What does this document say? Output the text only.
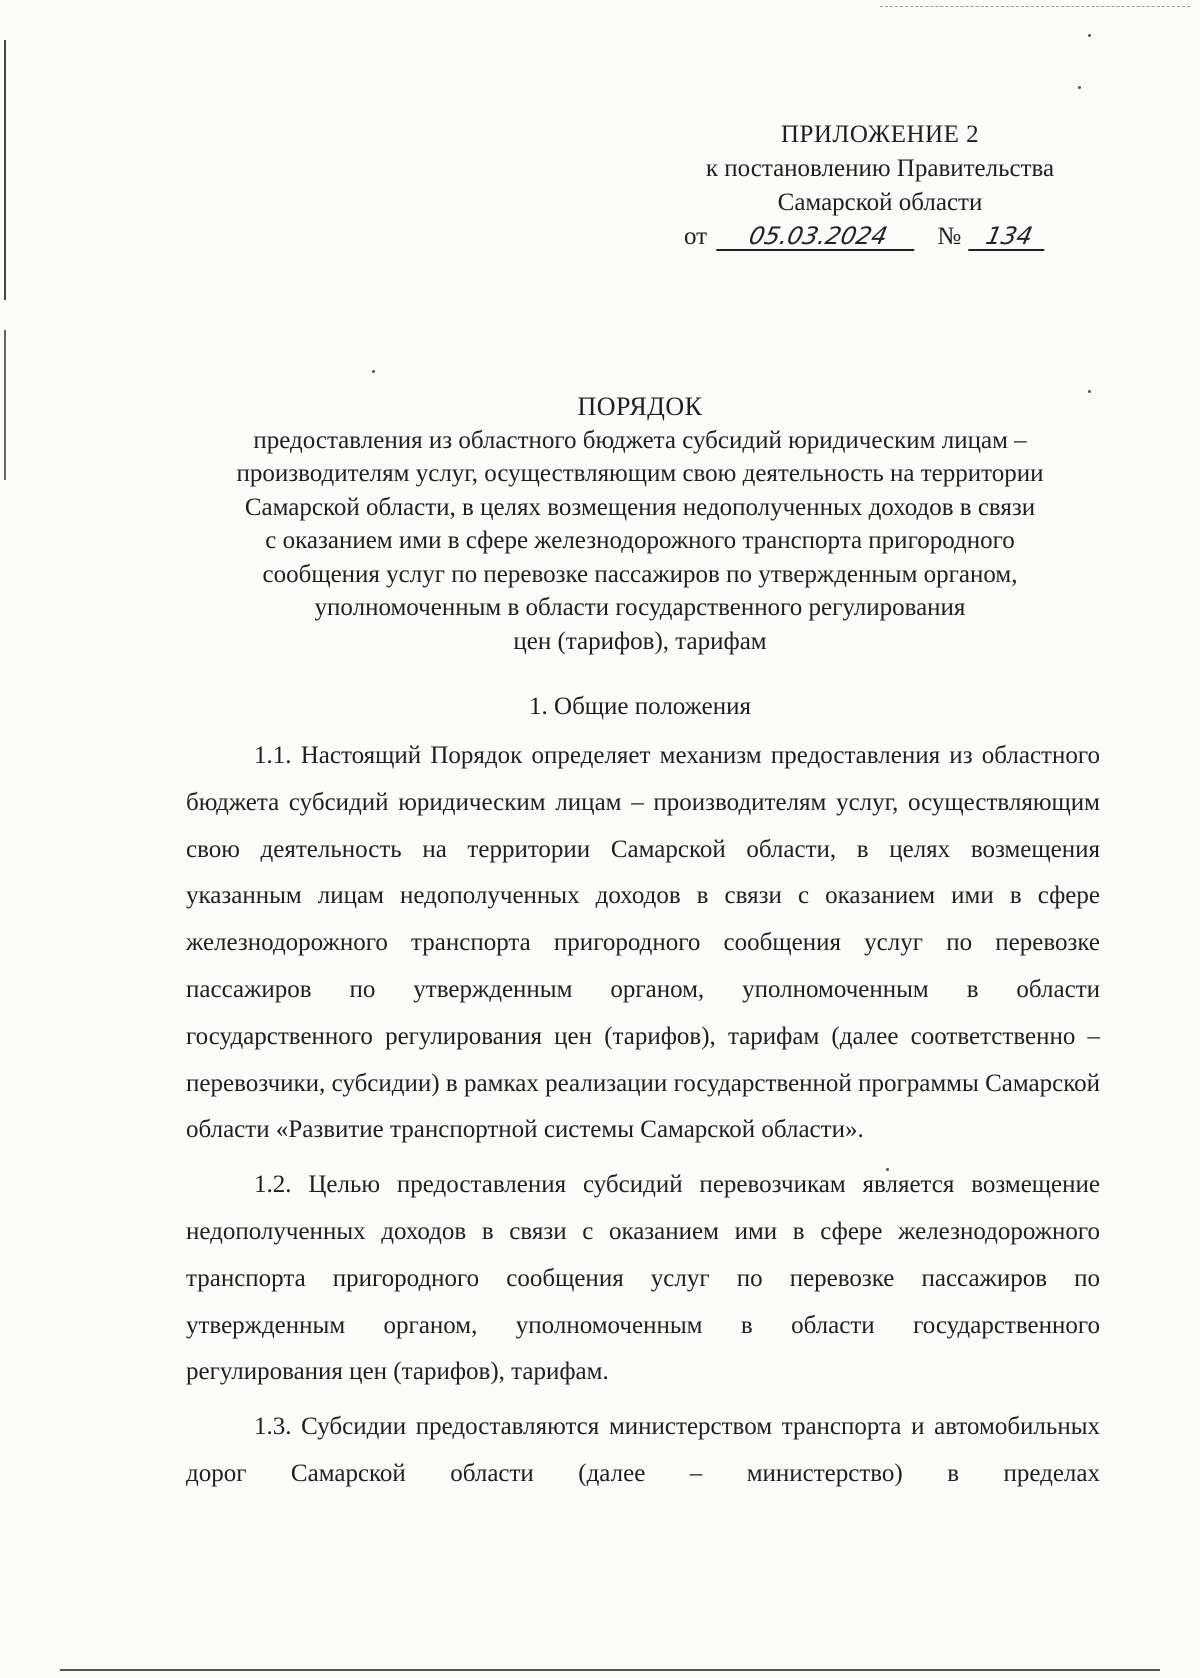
ПРИЛОЖЕНИЕ 2
к постановлению Правительства
Самарской области
от 05.03.2024 № 134
ПОРЯДОК
предоставления из областного бюджета субсидий юридическим лицам –
производителям услуг, осуществляющим свою деятельность на территории
Самарской области, в целях возмещения недополученных доходов в связи
с оказанием ими в сфере железнодорожного транспорта пригородного
сообщения услуг по перевозке пассажиров по утвержденным органом,
уполномоченным в области государственного регулирования
цен (тарифов), тарифам
1. Общие положения

1.1. Настоящий Порядок определяет механизм предоставления из областного бюджета субсидий юридическим лицам – производителям услуг, осуществляющим свою деятельность на территории Самарской области, в целях возмещения указанным лицам недополученных доходов в связи с оказанием ими в сфере железнодорожного транспорта пригородного сообщения услуг по перевозке пассажиров по утвержденным органом, уполномоченным в области государственного регулирования цен (тарифов), тарифам (далее соответственно – перевозчики, субсидии) в рамках реализации государственной программы Самарской области «Развитие транспортной системы Самарской области».

1.2. Целью предоставления субсидий перевозчикам является возмещение недополученных доходов в связи с оказанием ими в сфере железнодорожного транспорта пригородного сообщения услуг по перевозке пассажиров по утвержденным органом, уполномоченным в области государственного регулирования цен (тарифов), тарифам.

1.3. Субсидии предоставляются министерством транспорта и автомобильных дорог Самарской области (далее – министерство) в пределах
